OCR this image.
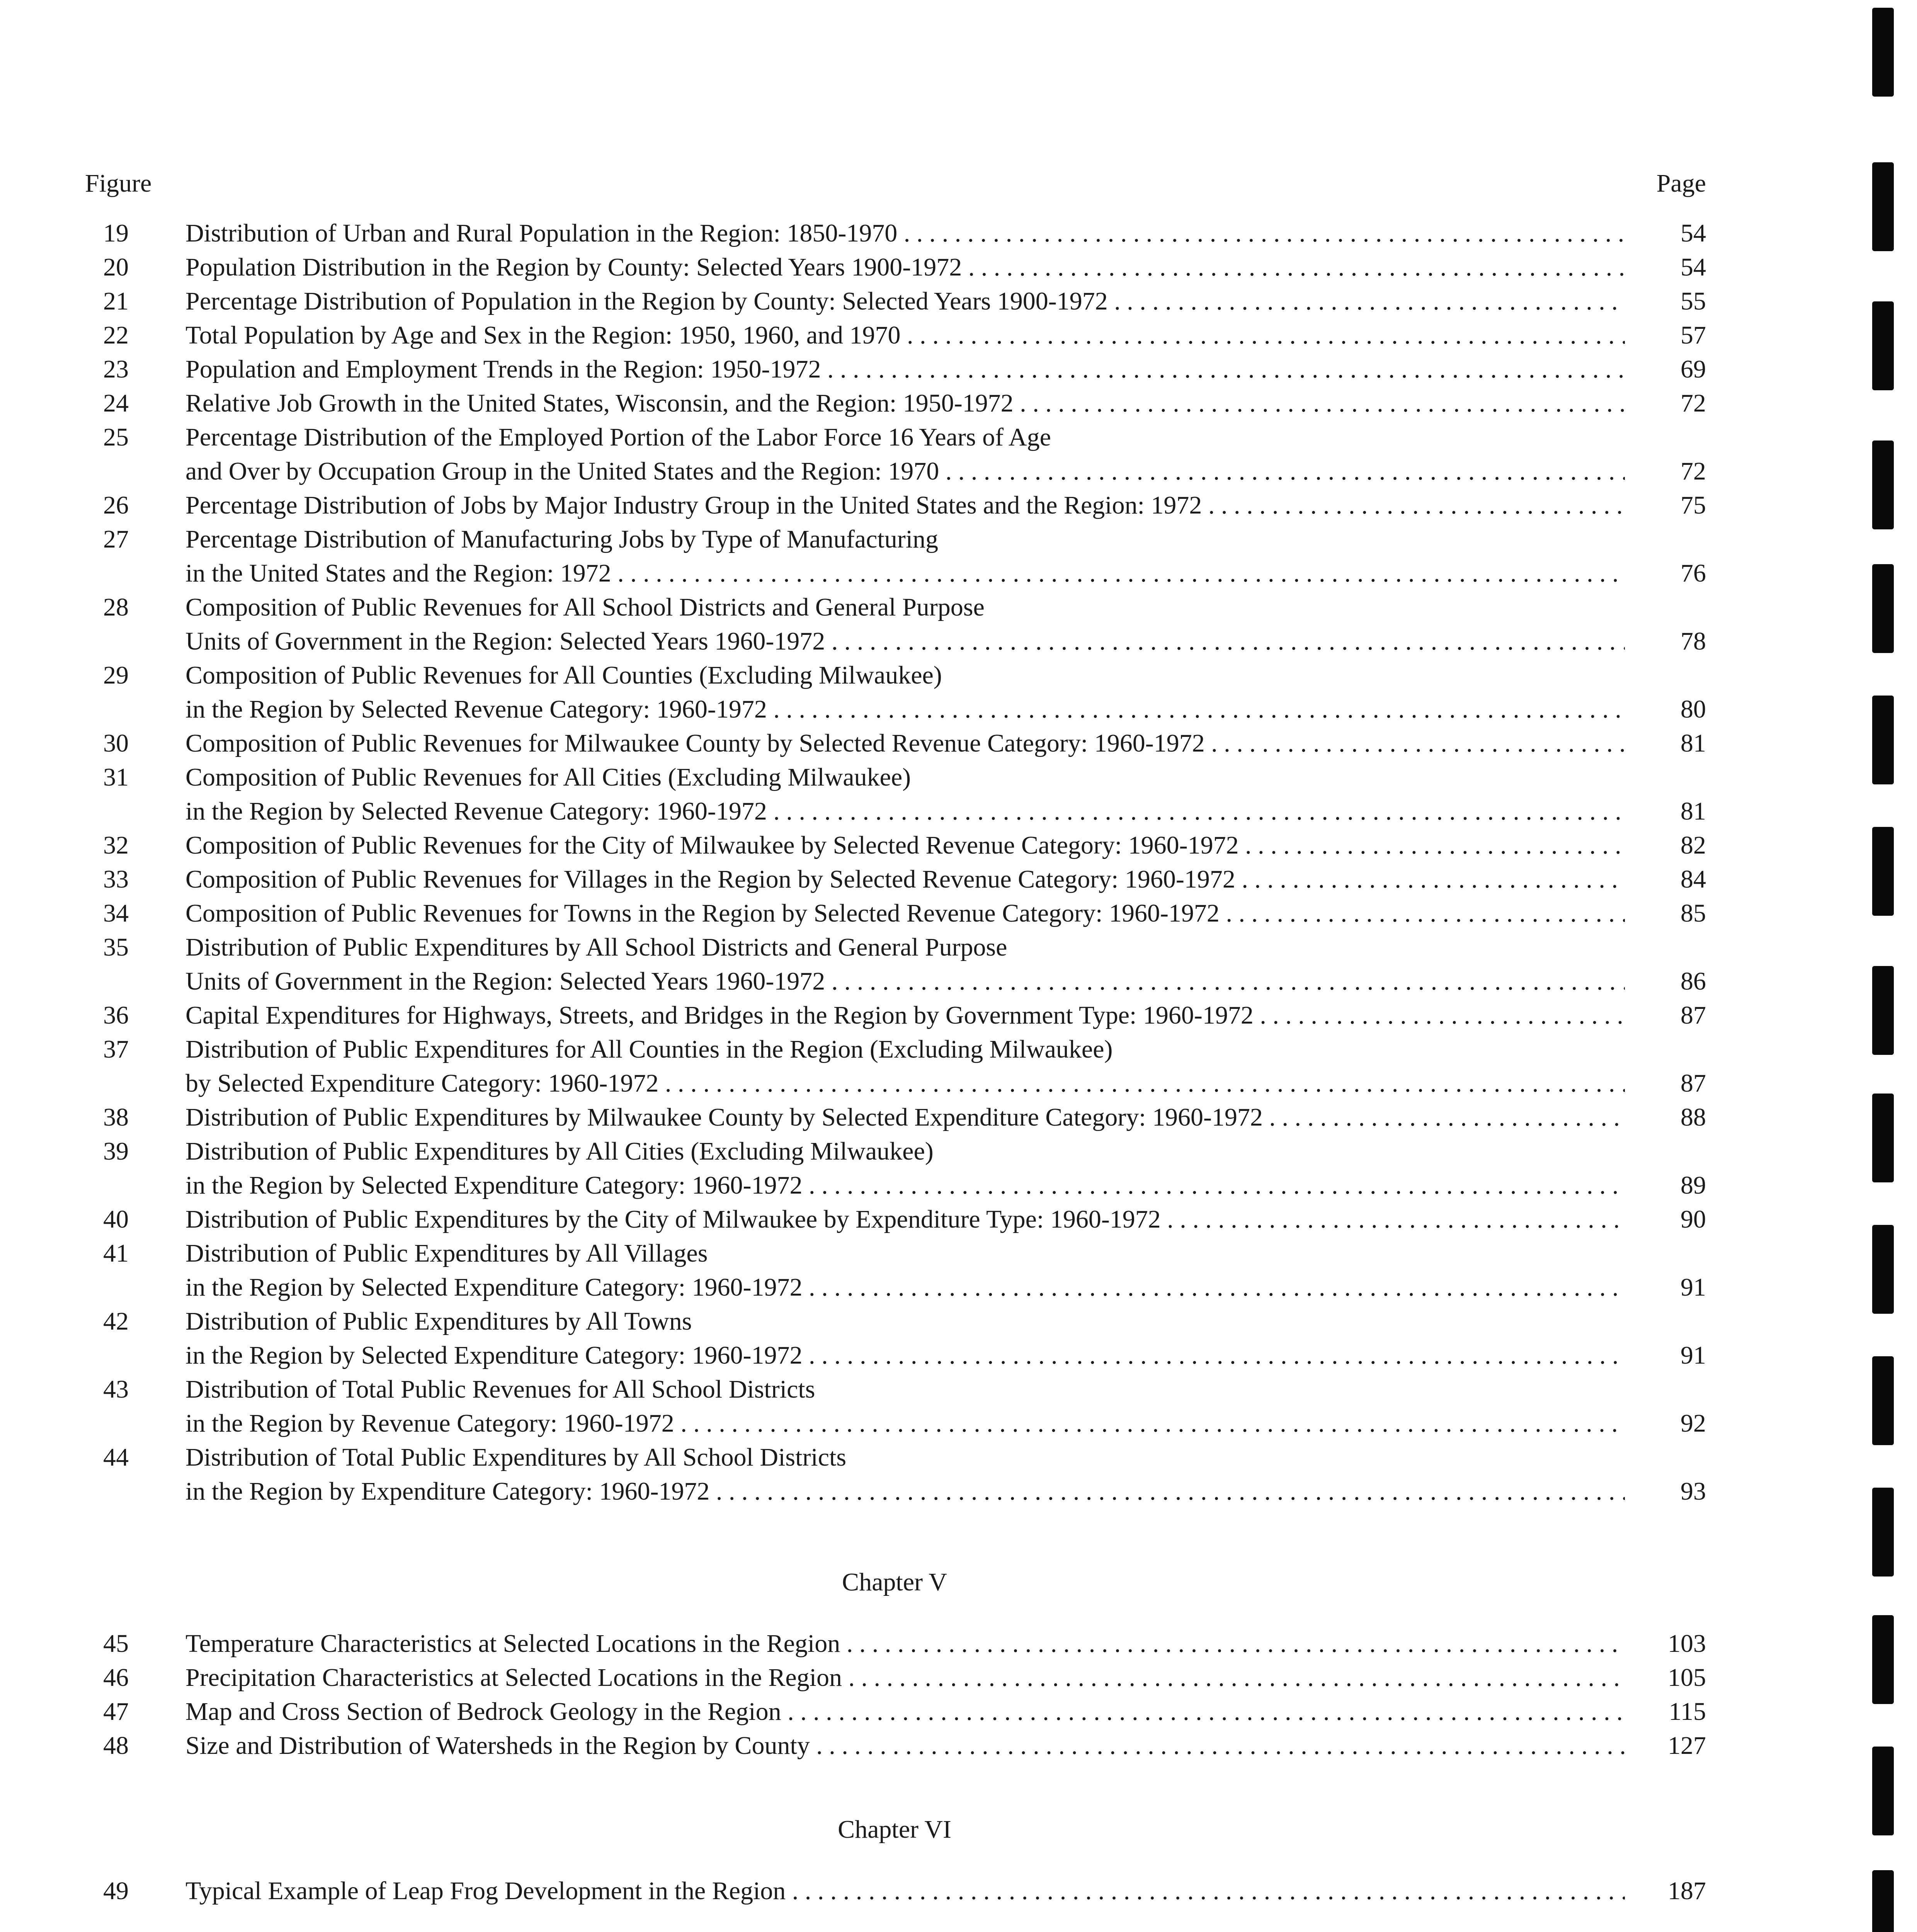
Figure	Page
19	Distribution of Urban and Rural Population in the Region: 1850-1970 . . .	54
20	Population Distribution in the Region by County: Selected Years 1900-1972 . . .	54
21	Percentage Distribution of Population in the Region by County: Selected Years 1900-1972 . . .	55
22	Total Population by Age and Sex in the Region: 1950, 1960, and 1970 . . .	57
23	Population and Employment Trends in the Region: 1950-1972 . . .	69
24	Relative Job Growth in the United States, Wisconsin, and the Region: 1950-1972 . . .	72
25	Percentage Distribution of the Employed Portion of the Labor Force 16 Years of Age
and Over by Occupation Group in the United States and the Region: 1970 . . .	72
26	Percentage Distribution of Jobs by Major Industry Group in the United States and the Region: 1972 . . .	75
27	Percentage Distribution of Manufacturing Jobs by Type of Manufacturing
in the United States and the Region: 1972 . . .	76
28	Composition of Public Revenues for All School Districts and General Purpose
Units of Government in the Region: Selected Years 1960-1972 . . .	78
29	Composition of Public Revenues for All Counties (Excluding Milwaukee)
in the Region by Selected Revenue Category: 1960-1972 . . .	80
30	Composition of Public Revenues for Milwaukee County by Selected Revenue Category: 1960-1972 . . .	81
31	Composition of Public Revenues for All Cities (Excluding Milwaukee)
in the Region by Selected Revenue Category: 1960-1972 . . .	81
32	Composition of Public Revenues for the City of Milwaukee by Selected Revenue Category: 1960-1972 . . .	82
33	Composition of Public Revenues for Villages in the Region by Selected Revenue Category: 1960-1972 . . .	84
34	Composition of Public Revenues for Towns in the Region by Selected Revenue Category: 1960-1972 . . .	85
35	Distribution of Public Expenditures by All School Districts and General Purpose
Units of Government in the Region: Selected Years 1960-1972 . . .	86
36	Capital Expenditures for Highways, Streets, and Bridges in the Region by Government Type: 1960-1972 . . .	87
37	Distribution of Public Expenditures for All Counties in the Region (Excluding Milwaukee)
by Selected Expenditure Category: 1960-1972 . . .	87
38	Distribution of Public Expenditures by Milwaukee County by Selected Expenditure Category: 1960-1972 . . .	88
39	Distribution of Public Expenditures by All Cities (Excluding Milwaukee)
in the Region by Selected Expenditure Category: 1960-1972 . . .	89
40	Distribution of Public Expenditures by the City of Milwaukee by Expenditure Type: 1960-1972 . . .	90
41	Distribution of Public Expenditures by All Villages
in the Region by Selected Expenditure Category: 1960-1972 . . .	91
42	Distribution of Public Expenditures by All Towns
in the Region by Selected Expenditure Category: 1960-1972 . . .	91
43	Distribution of Total Public Revenues for All School Districts
in the Region by Revenue Category: 1960-1972 . . .	92
44	Distribution of Total Public Expenditures by All School Districts
in the Region by Expenditure Category: 1960-1972 . . .	93
Chapter V
45	Temperature Characteristics at Selected Locations in the Region . . .	103
46	Precipitation Characteristics at Selected Locations in the Region . . .	105
47	Map and Cross Section of Bedrock Geology in the Region . . .	115
48	Size and Distribution of Watersheds in the Region by County . . .	127
Chapter VI
49	Typical Example of Leap Frog Development in the Region . . .	187
